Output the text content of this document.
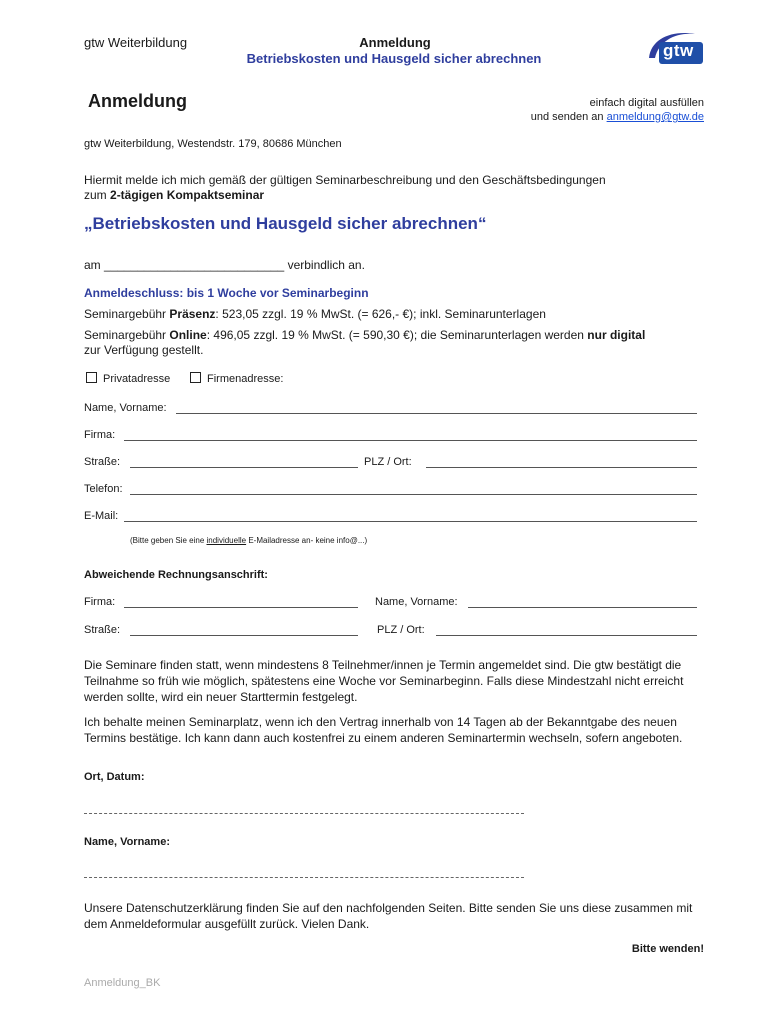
gtw Weiterbildung	Anmeldung
Betriebskosten und Hausgeld sicher abrechnen	gtw
Anmeldung	einfach digital ausfüllen
und senden an anmeldung@gtw.de
gtw Weiterbildung, Westendstr. 179, 80686 München
Hiermit melde ich mich gemäß der gültigen Seminarbeschreibung und den Geschäftsbedingungen
zum 2-tägigen Kompaktseminar
„Betriebskosten und Hausgeld sicher abrechnen“
am ___________________________ verbindlich an.
Anmeldeschluss: bis 1 Woche vor Seminarbeginn
Seminargebühr Präsenz: 523,05 zzgl. 19 % MwSt. (= 626,- €); inkl. Seminarunterlagen
Seminargebühr Online: 496,05 zzgl. 19 % MwSt. (= 590,30 €); die Seminarunterlagen werden nur digital
zur Verfügung gestellt.
Privatadresse	Firmenadresse:
Name, Vorname:
Firma:
Straße:	PLZ / Ort:
Telefon:
E-Mail:
(Bitte geben Sie eine individuelle E-Mailadresse an- keine info@...)
Abweichende Rechnungsanschrift:
Firma:	Name, Vorname:
Straße:	PLZ / Ort:
Die Seminare finden statt, wenn mindestens 8 Teilnehmer/innen je Termin angemeldet sind. Die gtw bestätigt die Teilnahme so früh wie möglich, spätestens eine Woche vor Seminarbeginn. Falls diese Mindestzahl nicht erreicht werden sollte, wird ein neuer Starttermin festgelegt.
Ich behalte meinen Seminarplatz, wenn ich den Vertrag innerhalb von 14 Tagen ab der Bekanntgabe des neuen Termins bestätige. Ich kann dann auch kostenfrei zu einem anderen Seminartermin wechseln, sofern angeboten.
Ort, Datum:
Name, Vorname:
Unsere Datenschutzerklärung finden Sie auf den nachfolgenden Seiten. Bitte senden Sie uns diese zusammen mit dem Anmeldeformular ausgefüllt zurück. Vielen Dank.
Bitte wenden!
Anmeldung_BK
